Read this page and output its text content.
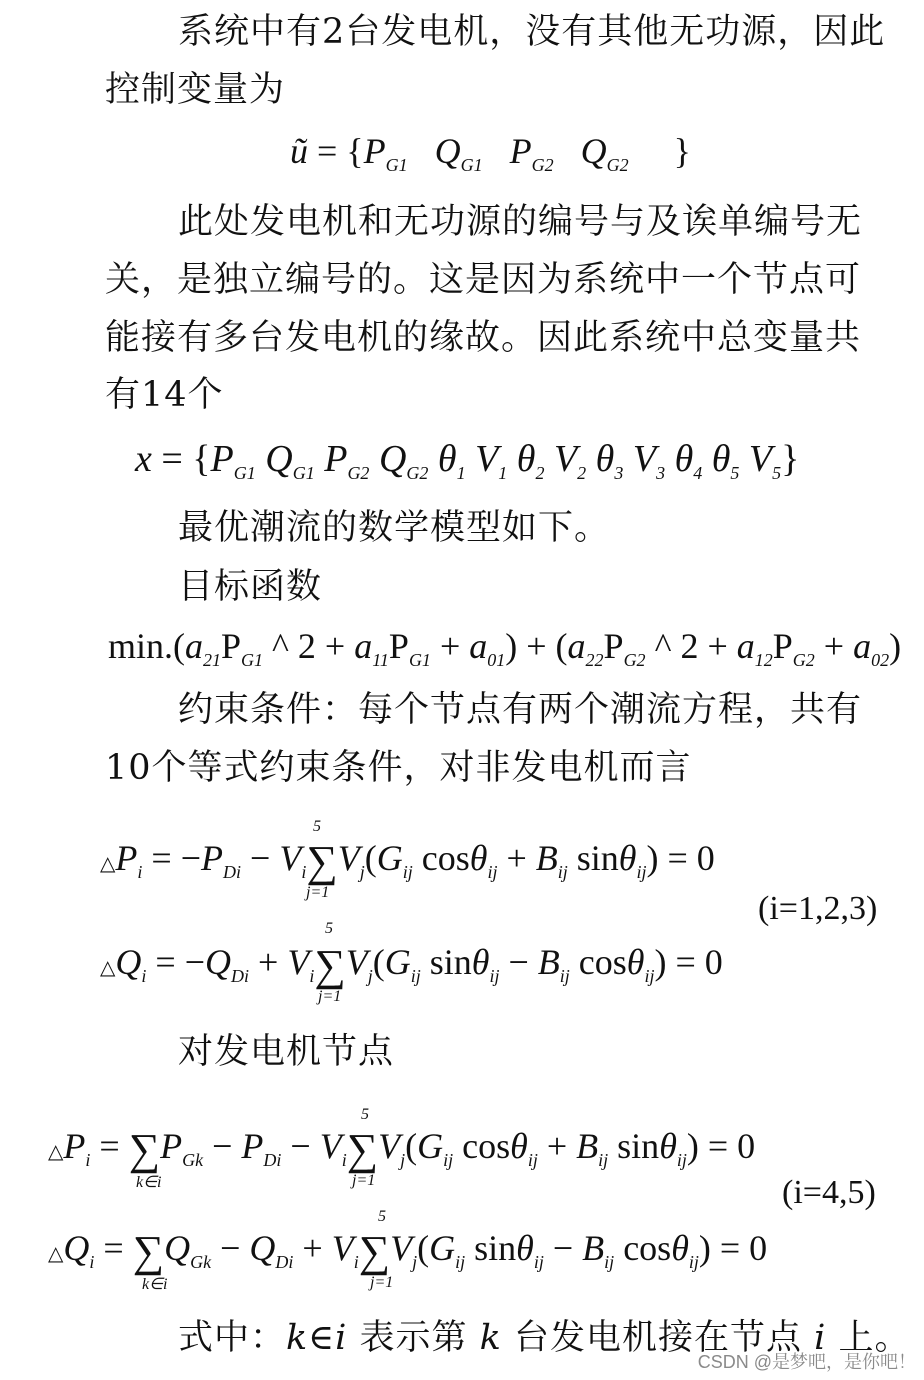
系统中有2台发电机，没有其他无功源，因此
控制变量为
ũ = {$P_{G1}$ $Q_{G1}$ $P_{G2}$ $Q_{G2}$     }
此处发电机和无功源的编号与及诶单编号无
关，是独立编号的。这是因为系统中一个节点可
能接有多台发电机的缘故。因此系统中总变量共
有14个
$x = \{P_{G1}$ $Q_{G1}$ $P_{G2}$ $Q_{G2}$ $\theta_1$ $V_1$ $\theta_2$ $V_2$ $\theta_3$ $V_3$ $\theta_4$ $\theta_5$ $V_5$}
最优潮流的数学模型如下。
目标函数
$\min.(a_{21}P_{G1}$ ^ $2 + a_{11}P_{G1} + a_{01}) + (a_{22}P_{G2}$ ^ $2 + a_{12}P_{G2} + a_{02}$)
约束条件：每个节点有两个潮流方程，共有
10个等式约束条件，对非发电机而言
$\triangle P_i = -P_{Di} - V_i\sum V_j(G_{ij}$ $\cos\theta_{ij} + B_{ij}$ sinθ$_{ij}$) = 0
5
j=1	(i=1,2,3)
$\triangle Q_i = -Q_{Di} + V_i\sum V_j(G_{ij}$ $\sin\theta_{ij} - B_{ij}$ cosθ$_{ij}$) = 0
5
j=1
对发电机节点
$\triangle P_i = \sum P_{Gk} - P_{Di} - V_i\sum V_j(G_{ij}$ $\cos\theta_{ij} + B_{ij}$ sinθ$_{ij}$) = 0
k∈i
5
j=1	(i=4,5)
$\triangle Q_i = \sum Q_{Gk} - Q_{Di} + V_i\sum V_j(G_{ij}$ $\sin\theta_{ij} - B_{ij}$ cosθ$_{ij}$) = 0
k∈i
5
j=1
式中：k∈i 表示第 k 台发电机接在节点 i 上。
CSDN @是梦吧，是你吧！
